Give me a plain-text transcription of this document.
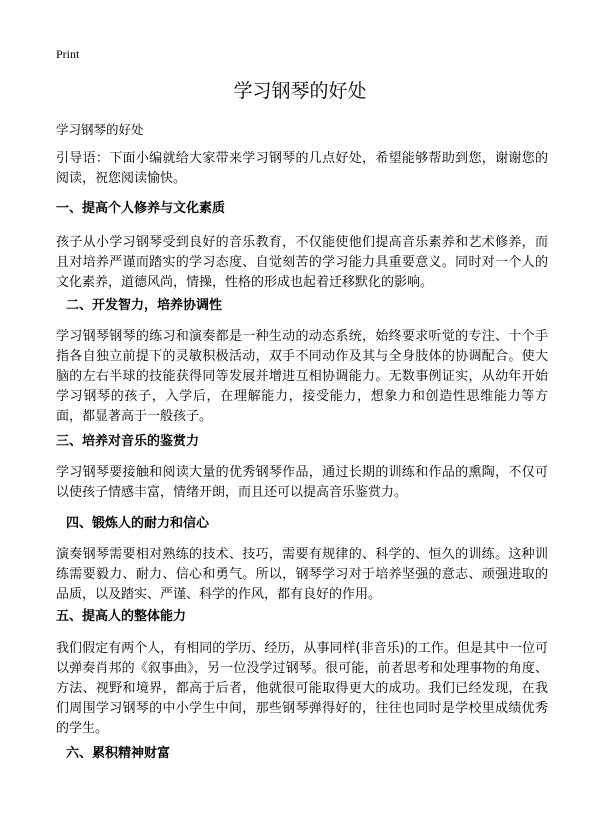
Print
学习钢琴的好处
学习钢琴的好处

引导语：下面小编就给大家带来学习钢琴的几点好处，希望能够帮助到您，谢谢您的阅读，祝您阅读愉快。

一、提高个人修养与文化素质

孩子从小学习钢琴受到良好的音乐教育，不仅能使他们提高音乐素养和艺术修养，而且对培养严谨而踏实的学习态度、自觉刻苦的学习能力具重要意义。同时对一个人的文化素养，道德风尚，情操，性格的形成也起着迁移默化的影响。

二、开发智力，培养协调性

学习钢琴钢琴的练习和演奏都是一种生动的动态系统，始终要求听觉的专注、十个手指各自独立前提下的灵敏积极活动，双手不同动作及其与全身肢体的协调配合。使大脑的左右半球的技能获得同等发展并增进互相协调能力。无数事例证实，从幼年开始学习钢琴的孩子，入学后，在理解能力，接受能力，想象力和创造性思维能力等方面，都显著高于一般孩子。

三、培养对音乐的鉴赏力

学习钢琴要接触和阅读大量的优秀钢琴作品，通过长期的训练和作品的熏陶，不仅可以使孩子情感丰富，情绪开朗，而且还可以提高音乐鉴赏力。

四、锻炼人的耐力和信心

演奏钢琴需要相对熟练的技术、技巧，需要有规律的、科学的、恒久的训练。这种训练需要毅力、耐力、信心和勇气。所以，钢琴学习对于培养坚强的意志、顽强进取的品质，以及踏实、严谨、科学的作风，都有良好的作用。

五、提高人的整体能力

我们假定有两个人，有相同的学历、经历，从事同样(非音乐)的工作。但是其中一位可以弹奏肖邦的《叙事曲》，另一位没学过钢琴。很可能，前者思考和处理事物的角度、方法、视野和境界，都高于后者，他就很可能取得更大的成功。我们已经发现，在我们周围学习钢琴的中小学生中间，那些钢琴弹得好的，往往也同时是学校里成绩优秀的学生。

六、累积精神财富
